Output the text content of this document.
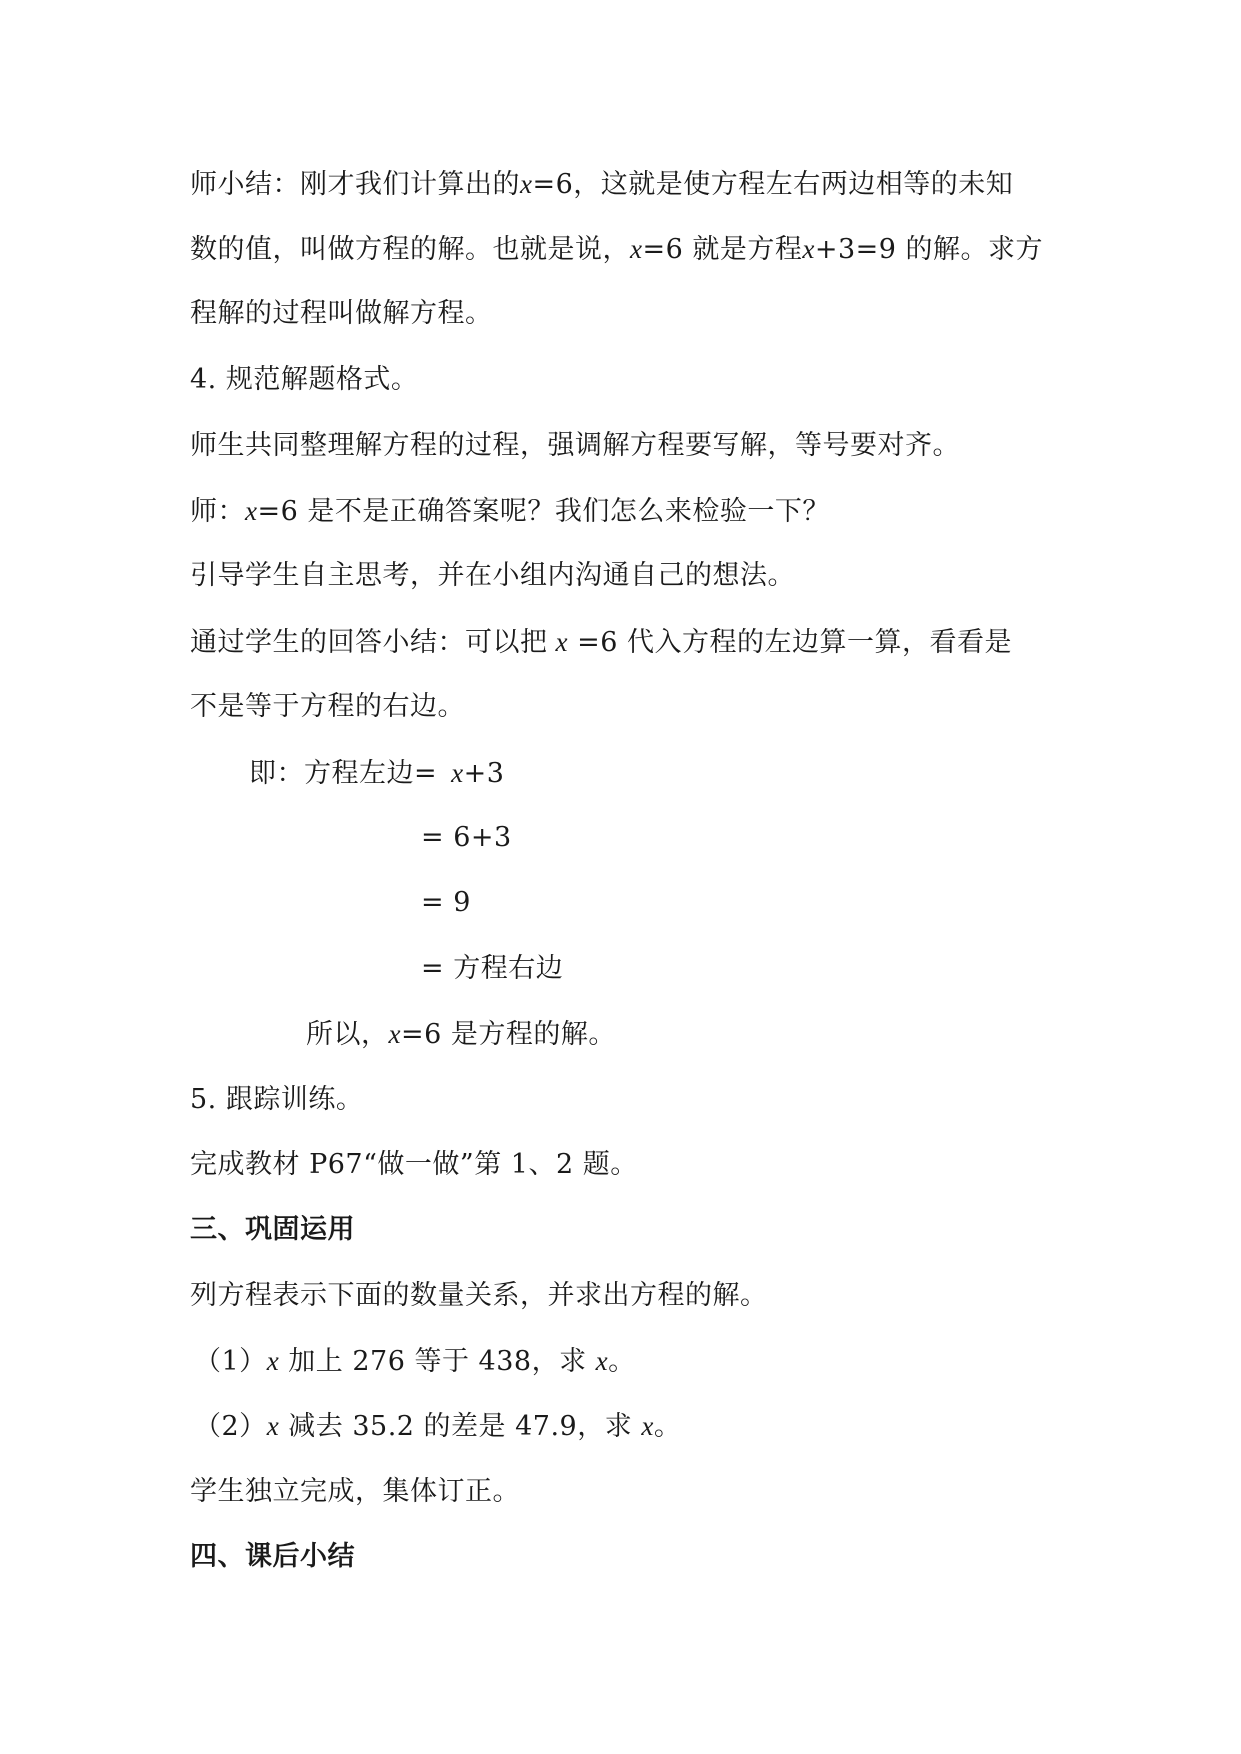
师小结：刚才我们计算出的x=6，这就是使方程左右两边相等的未知
数的值，叫做方程的解。也就是说，x=6 就是方程x+3=9 的解。求方
程解的过程叫做解方程。
4. 规范解题格式。
师生共同整理解方程的过程，强调解方程要写解，等号要对齐。
师：x=6 是不是正确答案呢？我们怎么来检验一下？
引导学生自主思考，并在小组内沟通自己的想法。
通过学生的回答小结：可以把 x =6 代入方程的左边算一算，看看是
不是等于方程的右边。
即：方程左边= x+3
= 6+3
= 9
= 方程右边
所以，x=6 是方程的解。
5. 跟踪训练。
完成教材 P67“做一做”第 1、2 题。
三、巩固运用
列方程表示下面的数量关系，并求出方程的解。
（1）x 加上 276 等于 438，求 x。
（2）x 减去 35.2 的差是 47.9，求 x。
学生独立完成，集体订正。
四、课后小结
